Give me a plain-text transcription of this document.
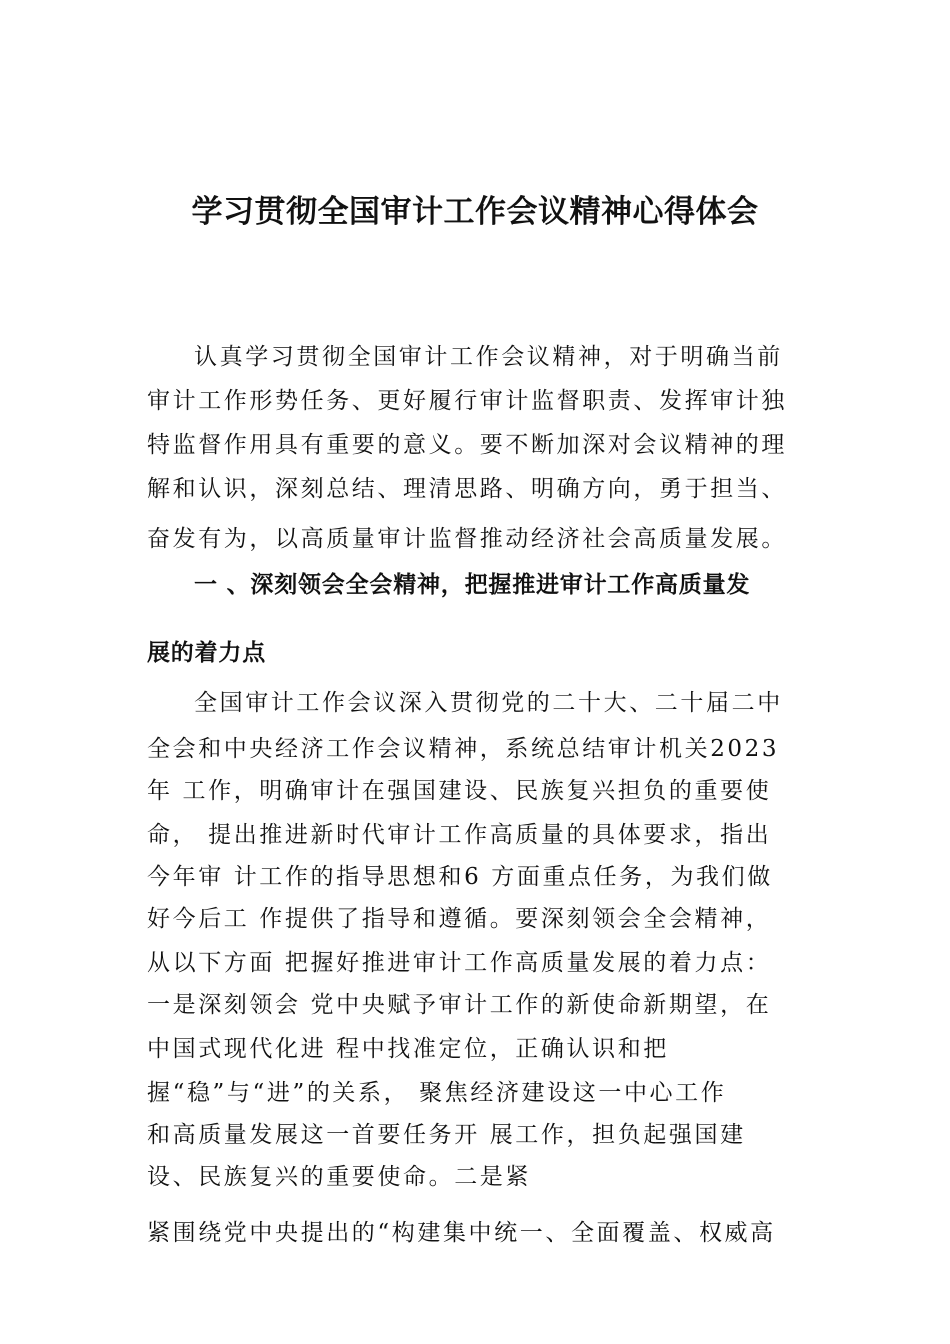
学习贯彻全国审计工作会议精神心得体会
认真学习贯彻全国审计工作会议精神，对于明确当前
审计工作形势任务、更好履行审计监督职责、发挥审计独
特监督作用具有重要的意义。要不断加深对会议精神的理
解和认识，深刻总结、理清思路、明确方向，勇于担当、
奋发有为，以高质量审计监督推动经济社会高质量发展。
一 、深刻领会全会精神，把握推进审计工作高质量发
展的着力点
全国审计工作会议深入贯彻党的二十大、二十届二中
全会和中央经济工作会议精神，系统总结审计机关2023
年 工作，明确审计在强国建设、民族复兴担负的重要使
命， 提出推进新时代审计工作高质量的具体要求，指出
今年审 计工作的指导思想和6 方面重点任务，为我们做
好今后工 作提供了指导和遵循。要深刻领会全会精神，
从以下方面 把握好推进审计工作高质量发展的着力点：
一是深刻领会 党中央赋予审计工作的新使命新期望，在
中国式现代化进 程中找准定位，正确认识和把
握“稳”与“进”的关系， 聚焦经济建设这一中心工作
和高质量发展这一首要任务开 展工作，担负起强国建
设、民族复兴的重要使命。二是紧
紧围绕党中央提出的“构建集中统一、全面覆盖、权威高
